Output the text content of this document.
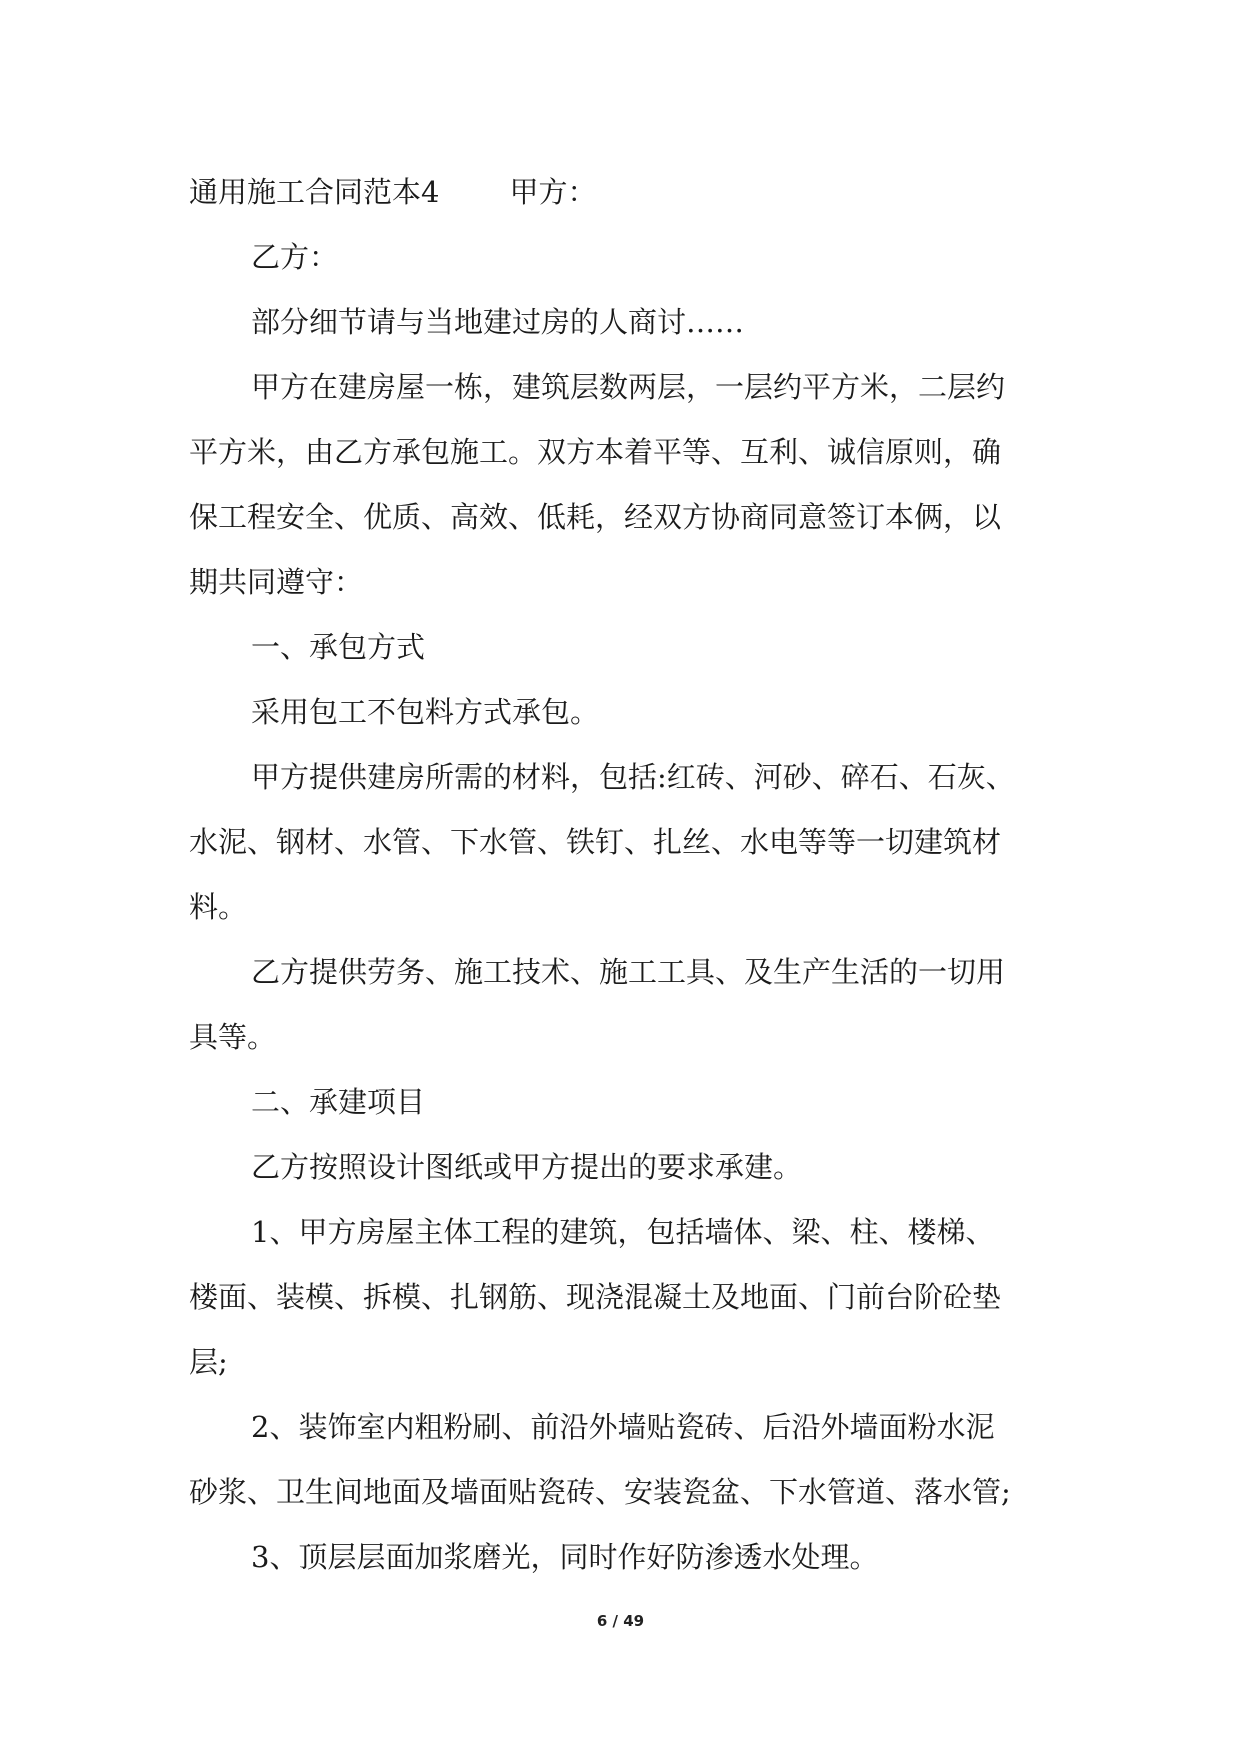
通用施工合同范本4 甲方：
乙方：
部分细节请与当地建过房的人商讨……
甲方在建房屋一栋，建筑层数两层，一层约平方米，二层约
平方米，由乙方承包施工。双方本着平等、互利、诚信原则，确
保工程安全、优质、高效、低耗，经双方协商同意签订本俩，以
期共同遵守：
一、承包方式
采用包工不包料方式承包。
甲方提供建房所需的材料，包括:红砖、河砂、碎石、石灰、
水泥、钢材、水管、下水管、铁钉、扎丝、水电等等一切建筑材
料。
乙方提供劳务、施工技术、施工工具、及生产生活的一切用
具等。
二、承建项目
乙方按照设计图纸或甲方提出的要求承建。
1、甲方房屋主体工程的建筑，包括墙体、梁、柱、楼梯、
楼面、装模、拆模、扎钢筋、现浇混凝土及地面、门前台阶砼垫
层;
2、装饰室内粗粉刷、前沿外墙贴瓷砖、后沿外墙面粉水泥
砂浆、卫生间地面及墙面贴瓷砖、安装瓷盆、下水管道、落水管;
3、顶层层面加浆磨光，同时作好防渗透水处理。
6 / 49
